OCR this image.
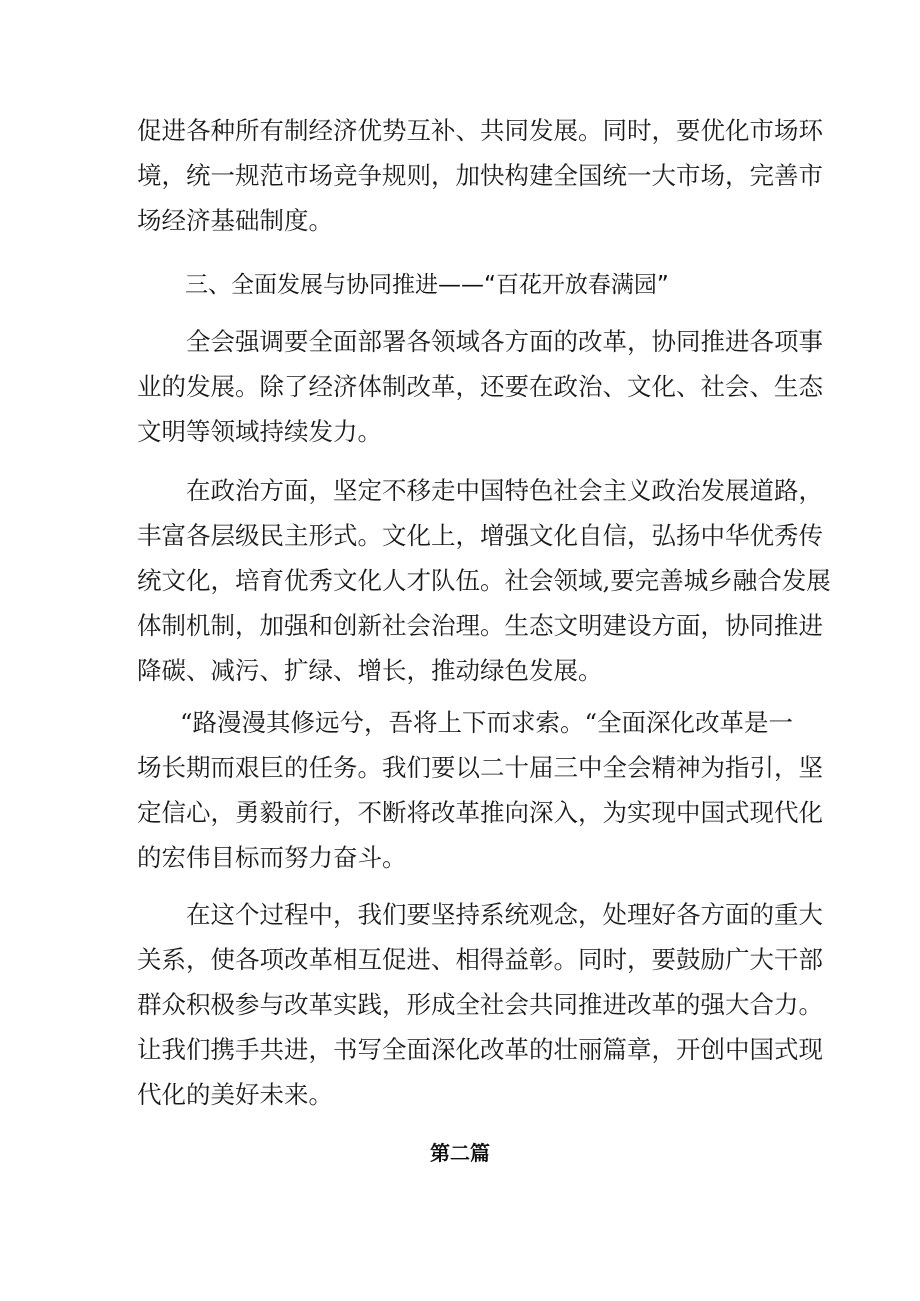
促进各种所有制经济优势互补、共同发展。同时，要优化市场环
境，统一规范市场竞争规则，加快构建全国统一大市场，完善市
场经济基础制度。
三、全面发展与协同推进——“百花开放春满园”
全会强调要全面部署各领域各方面的改革，协同推进各项事
业的发展。除了经济体制改革，还要在政治、文化、社会、生态
文明等领域持续发力。
在政治方面，坚定不移走中国特色社会主义政治发展道路，
丰富各层级民主形式。文化上，增强文化自信，弘扬中华优秀传
统文化，培育优秀文化人才队伍。社会领域,要完善城乡融合发展
体制机制，加强和创新社会治理。生态文明建设方面，协同推进
降碳、减污、扩绿、增长，推动绿色发展。
“路漫漫其修远兮，吾将上下而求索。“全面深化改革是一
场长期而艰巨的任务。我们要以二十届三中全会精神为指引，坚
定信心，勇毅前行，不断将改革推向深入，为实现中国式现代化
的宏伟目标而努力奋斗。
在这个过程中，我们要坚持系统观念，处理好各方面的重大
关系，使各项改革相互促进、相得益彰。同时，要鼓励广大干部
群众积极参与改革实践，形成全社会共同推进改革的强大合力。
让我们携手共进，书写全面深化改革的壮丽篇章，开创中国式现
代化的美好未来。
第二篇
